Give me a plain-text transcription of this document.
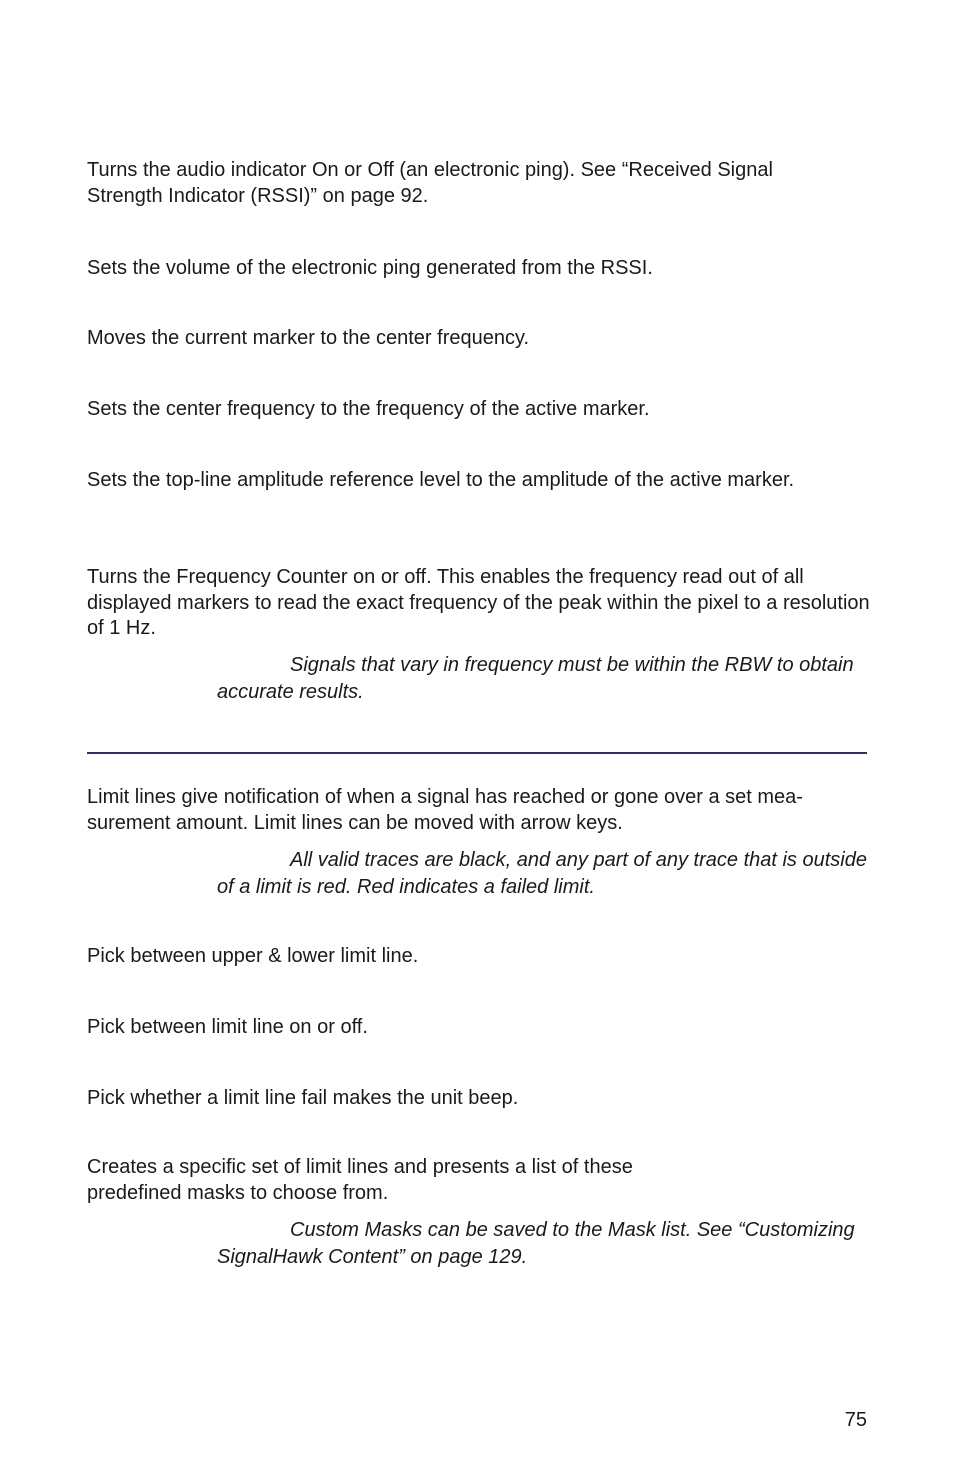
Turns the audio indicator On or Off (an electronic ping). See “Received Signal Strength Indicator (RSSI)” on page 92.

Sets the volume of the electronic ping generated from the RSSI.

Moves the current marker to the center frequency.

Sets the center frequency to the frequency of the active marker.

Sets the top-line amplitude reference level to the amplitude of the active marker.

Turns the Frequency Counter on or off. This enables the frequency read out of all displayed markers to read the exact frequency of the peak within the pixel to a resolution of 1 Hz.

Signals that vary in frequency must be within the RBW to obtain accurate results.

Limit lines give notification of when a signal has reached or gone over a set measurement amount. Limit lines can be moved with arrow keys.

All valid traces are black, and any part of any trace that is outside of a limit is red. Red indicates a failed limit.

Pick between upper & lower limit line.

Pick between limit line on or off.

Pick whether a limit line fail makes the unit beep.

Creates a specific set of limit lines and presents a list of these predefined masks to choose from.

Custom Masks can be saved to the Mask list. See “Customizing SignalHawk Content” on page 129.

75
